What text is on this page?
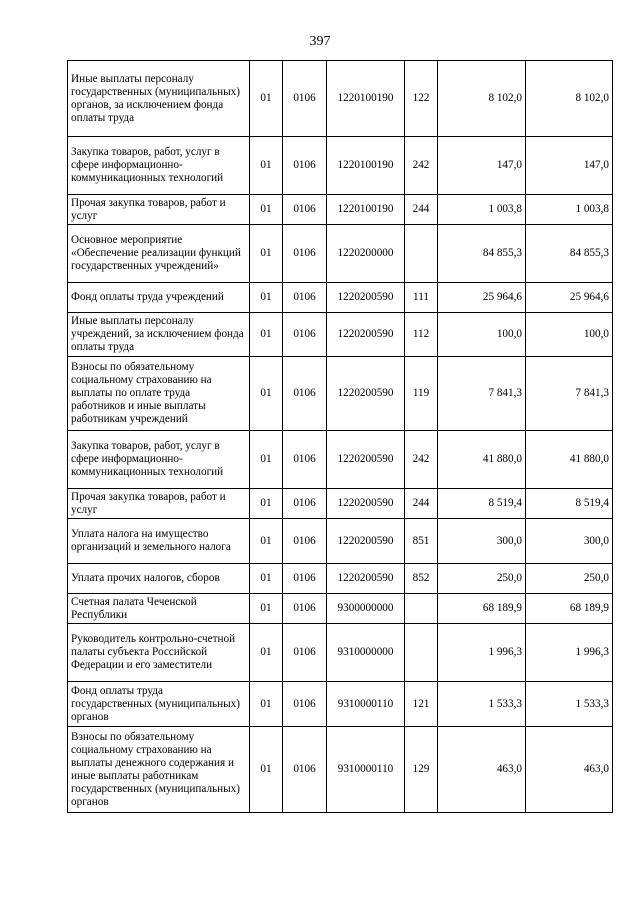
397
Иные выплаты персоналу государственных (муниципальных) органов, за исключением фонда оплаты труда	01	0106	1220100190	122	8 102,0	8 102,0
Закупка товаров, работ, услуг в сфере информационно-коммуникационных технологий	01	0106	1220100190	242	147,0	147,0
Прочая закупка товаров, работ и услуг	01	0106	1220100190	244	1 003,8	1 003,8
Основное мероприятие «Обеспечение реализации функций государственных учреждений»	01	0106	1220200000		84 855,3	84 855,3
Фонд оплаты труда учреждений	01	0106	1220200590	111	25 964,6	25 964,6
Иные выплаты персоналу учреждений, за исключением фонда оплаты труда	01	0106	1220200590	112	100,0	100,0
Взносы по обязательному социальному страхованию на выплаты по оплате труда работников и иные выплаты работникам учреждений	01	0106	1220200590	119	7 841,3	7 841,3
Закупка товаров, работ, услуг в сфере информационно-коммуникационных технологий	01	0106	1220200590	242	41 880,0	41 880,0
Прочая закупка товаров, работ и услуг	01	0106	1220200590	244	8 519,4	8 519,4
Уплата налога на имущество организаций и земельного налога	01	0106	1220200590	851	300,0	300,0
Уплата прочих налогов, сборов	01	0106	1220200590	852	250,0	250,0
Счетная палата Чеченской Республики	01	0106	9300000000		68 189,9	68 189,9
Руководитель контрольно-счетной палаты субъекта Российской Федерации и его заместители	01	0106	9310000000		1 996,3	1 996,3
Фонд оплаты труда государственных (муниципальных) органов	01	0106	9310000110	121	1 533,3	1 533,3
Взносы по обязательному социальному страхованию на выплаты денежного содержания и иные выплаты работникам государственных (муниципальных) органов	01	0106	9310000110	129	463,0	463,0
